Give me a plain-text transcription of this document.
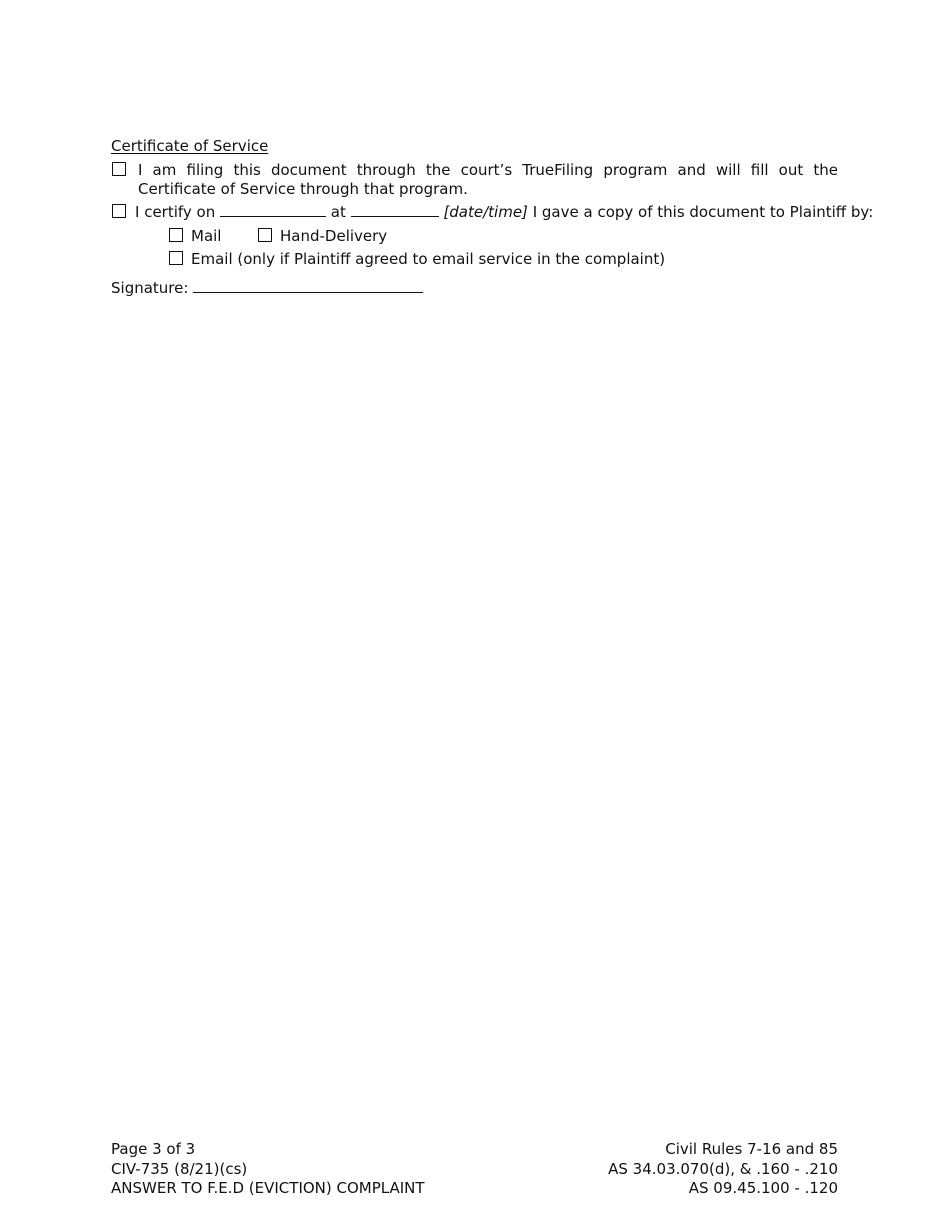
Certificate of Service
I am filing this document through the court’s TrueFiling program and will fill out the Certificate of Service through that program.
I certify on	at	[date/time] I gave a copy of this document to Plaintiff by:
Mail	Hand-Delivery
Email (only if Plaintiff agreed to email service in the complaint)
Signature:
Page 3 of 3
CIV-735 (8/21)(cs)
ANSWER TO F.E.D (EVICTION) COMPLAINT
Civil Rules 7-16 and 85
AS 34.03.070(d), & .160 - .210
AS 09.45.100 - .120
